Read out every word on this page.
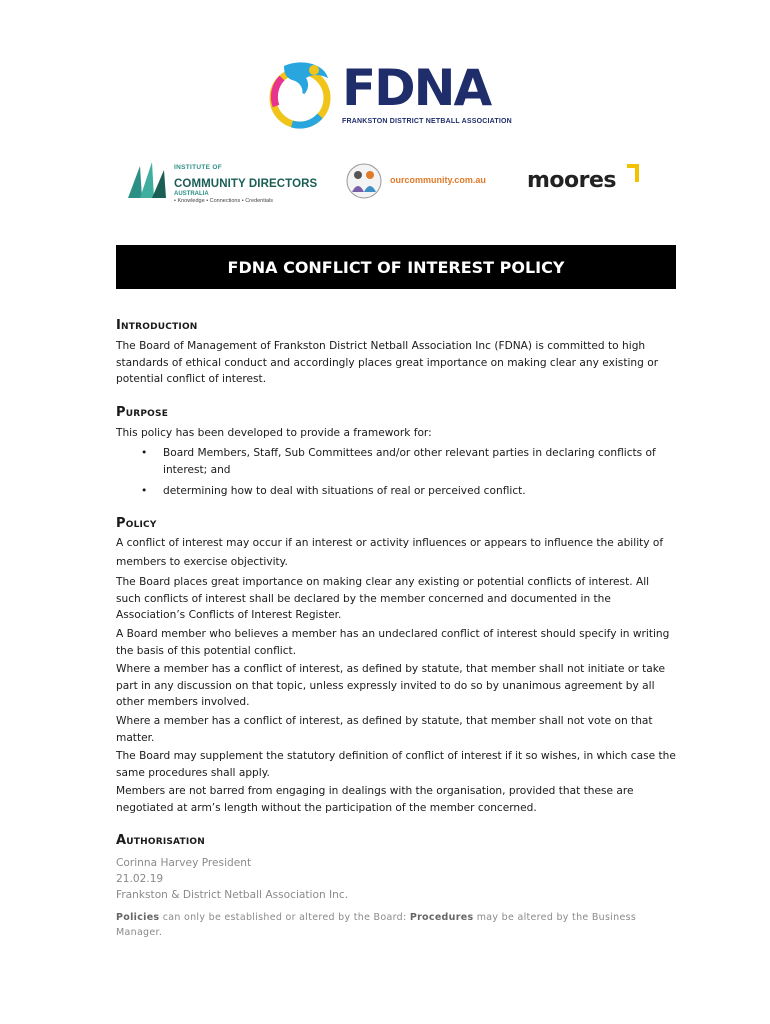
FDNA
FRANKSTON DISTRICT NETBALL ASSOCIATION
INSTITUTE OF
COMMUNITY DIRECTORS
AUSTRALIA
• Knowledge • Connections • Credentials
ourcommunity.com.au moores
FDNA CONFLICT OF INTEREST POLICY
Introduction

The Board of Management of Frankston District Netball Association Inc (FDNA) is committed to high standards of ethical conduct and accordingly places great importance on making clear any existing or potential conflict of interest.

Purpose

This policy has been developed to provide a framework for:

• Board Members, Staff, Sub Committees and/or other relevant parties in declaring conflicts of interest; and
• determining how to deal with situations of real or perceived conflict.
Policy

A conflict of interest may occur if an interest or activity influences or appears to influence the ability of members to exercise objectivity.

The Board places great importance on making clear any existing or potential conflicts of interest. All such conflicts of interest shall be declared by the member concerned and documented in the Association’s Conflicts of Interest Register.

A Board member who believes a member has an undeclared conflict of interest should specify in writing the basis of this potential conflict.

Where a member has a conflict of interest, as defined by statute, that member shall not initiate or take part in any discussion on that topic, unless expressly invited to do so by unanimous agreement by all other members involved.

Where a member has a conflict of interest, as defined by statute, that member shall not vote on that matter.

The Board may supplement the statutory definition of conflict of interest if it so wishes, in which case the same procedures shall apply.

Members are not barred from engaging in dealings with the organisation, provided that these are negotiated at arm’s length without the participation of the member concerned.

Authorisation

Corinna Harvey President

21.02.19

Frankston & District Netball Association Inc.

Policies can only be established or altered by the Board: Procedures may be altered by the Business Manager.
